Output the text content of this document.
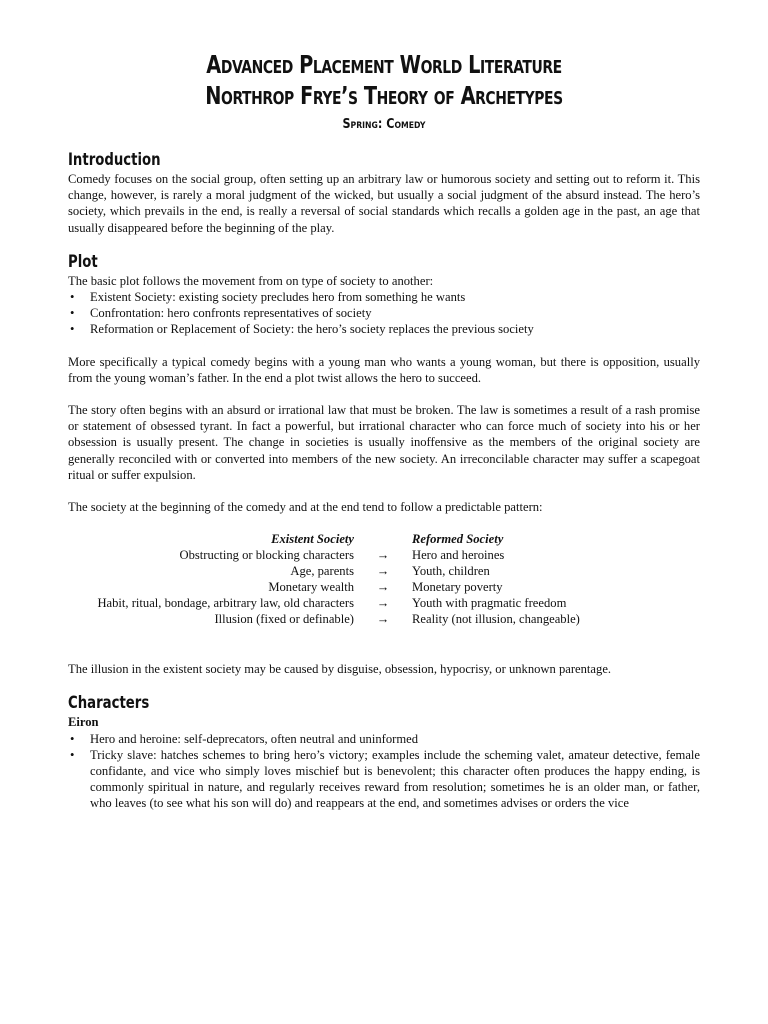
Advanced Placement World Literature
Northrop Frye’s Theory of Archetypes
Spring: Comedy
Introduction

Comedy focuses on the social group, often setting up an arbitrary law or humorous society and setting out to reform it. This change, however, is rarely a moral judgment of the wicked, but usually a social judgment of the absurd instead. The hero’s society, which prevails in the end, is really a reversal of social standards which recalls a golden age in the past, an age that usually disappeared before the beginning of the play.

Plot

The basic plot follows the movement from on type of society to another:

• Existent Society: existing society precludes hero from something he wants
• Confrontation: hero confronts representatives of society
• Reformation or Replacement of Society: the hero’s society replaces the previous society

More specifically a typical comedy begins with a young man who wants a young woman, but there is opposition, usually from the young woman’s father. In the end a plot twist allows the hero to succeed.

The story often begins with an absurd or irrational law that must be broken. The law is sometimes a result of a rash promise or statement of obsessed tyrant. In fact a powerful, but irrational character who can force much of society into his or her obsession is usually present. The change in societies is usually inoffensive as the members of the original society are generally reconciled with or converted into members of the new society. An irreconcilable character may suffer a scapegoat ritual or suffer expulsion.

The society at the beginning of the comedy and at the end tend to follow a predictable pattern:

Existent Society	Reformed Society
Obstructing or blocking characters	→	Hero and heroines
Age, parents	→	Youth, children
Monetary wealth	→	Monetary poverty
Habit, ritual, bondage, arbitrary law, old characters	→	Youth with pragmatic freedom
Illusion (fixed or definable)	→	Reality (not illusion, changeable)

The illusion in the existent society may be caused by disguise, obsession, hypocrisy, or unknown parentage.

Characters
Eiron
• Hero and heroine: self-deprecators, often neutral and uninformed
• Tricky slave: hatches schemes to bring hero’s victory; examples include the scheming valet, amateur detective, female confidante, and vice who simply loves mischief but is benevolent; this character often produces the happy ending, is commonly spiritual in nature, and regularly receives reward from resolution; sometimes he is an older man, or father, who leaves (to see what his son will do) and reappears at the end, and sometimes advises or orders the vice
